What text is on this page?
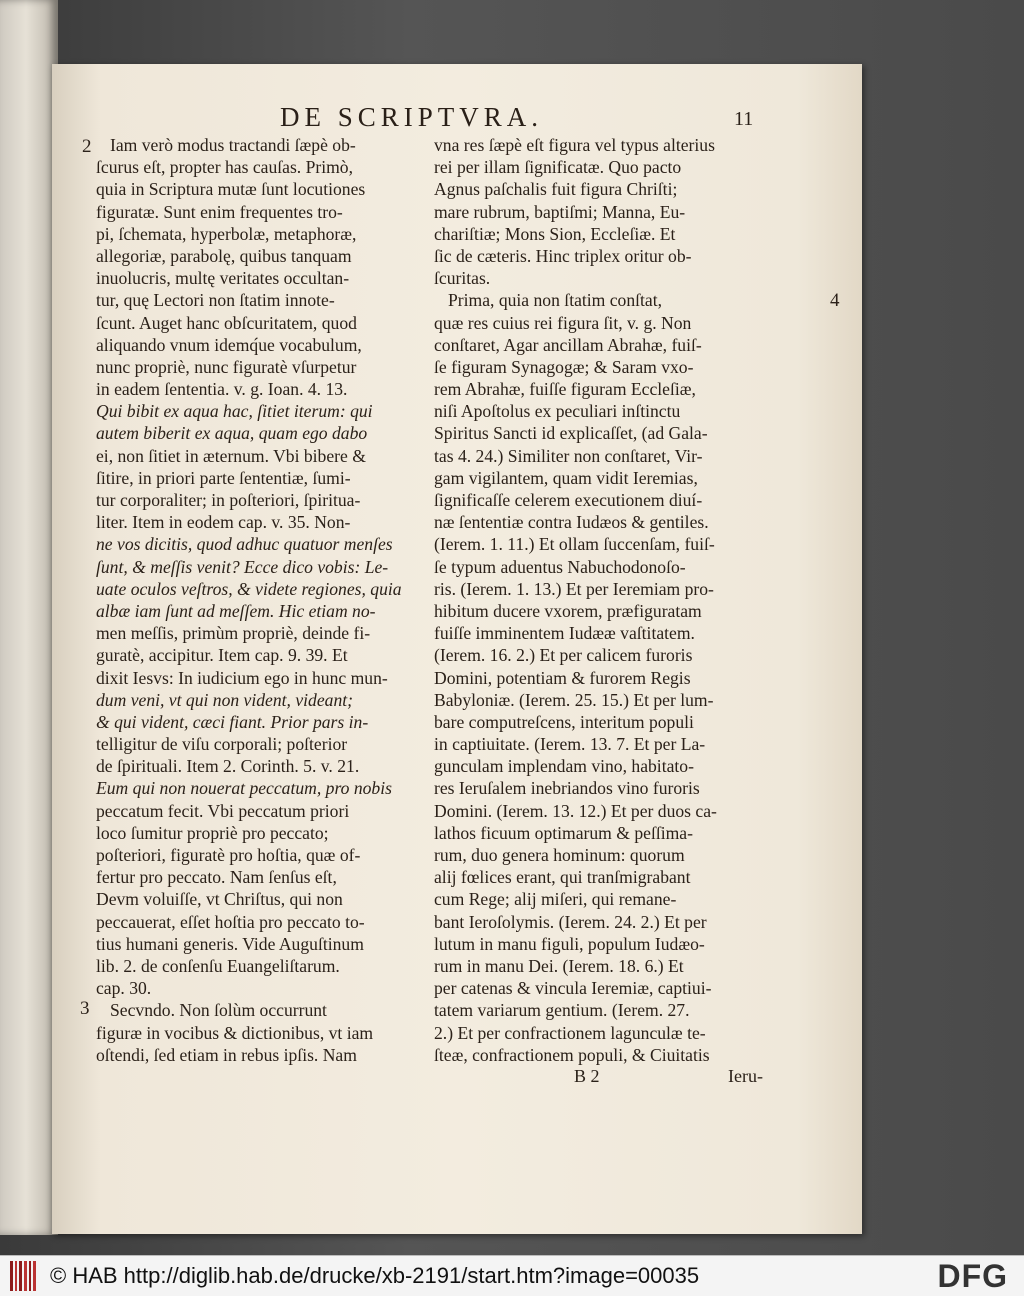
DE SCRIPTVRA.	11
2
3
4
Iam verò modus tractandi ſæpè ob-
ſcurus eſt, propter has cauſas. Primò,
quia in Scriptura mutæ ſunt locutiones
figuratæ. Sunt enim frequentes tro-
pi, ſchemata, hyperbolæ, metaphoræ,
allegoriæ, parabolę, quibus tanquam
inuolucris, multę veritates occultan-
tur, quę Lectori non ſtatim innote-
ſcunt. Auget hanc obſcuritatem, quod
aliquando vnum idemq́ue vocabulum,
nunc propriè, nunc figuratè vſurpetur
in eadem ſententia. v. g. Ioan. 4. 13.
Qui bibit ex aqua hac, ſitiet iterum: qui
autem biberit ex aqua, quam ego dabo
ei, non ſitiet in æternum. Vbi bibere &
ſitire, in priori parte ſententiæ, ſumi-
tur corporaliter; in poſteriori, ſpiritua-
liter. Item in eodem cap. v. 35. Non-
ne vos dicitis, quod adhuc quatuor menſes
ſunt, & meſſis venit? Ecce dico vobis: Le-
uate oculos veſtros, & videte regiones, quia
albæ iam ſunt ad meſſem. Hic etiam no-
men meſſis, primùm propriè, deinde fi-
guratè, accipitur. Item cap. 9. 39. Et
dixit Iesvs: In iudicium ego in hunc mun-
dum veni, vt qui non vident, videant;
& qui vident, cæci fiant. Prior pars in-
telligitur de viſu corporali; poſterior
de ſpirituali. Item 2. Corinth. 5. v. 21.
Eum qui non nouerat peccatum, pro nobis
peccatum fecit. Vbi peccatum priori
loco ſumitur propriè pro peccato;
poſteriori, figuratè pro hoſtia, quæ of-
fertur pro peccato. Nam ſenſus eſt,
Devm voluiſſe, vt Chriſtus, qui non
peccauerat, eſſet hoſtia pro peccato to-
tius humani generis. Vide Auguſtinum
lib. 2. de conſenſu Euangeliſtarum.
cap. 30.
Secvndo. Non ſolùm occurrunt
figuræ in vocibus & dictionibus, vt iam
oſtendi, ſed etiam in rebus ipſis. Nam
vna res ſæpè eſt figura vel typus alterius
rei per illam ſignificatæ. Quo pacto
Agnus paſchalis fuit figura Chriſti;
mare rubrum, baptiſmi; Manna, Eu-
chariſtiæ; Mons Sion, Eccleſiæ. Et
ſic de cæteris. Hinc triplex oritur ob-
ſcuritas.
Prima, quia non ſtatim conſtat,
quæ res cuius rei figura ſit, v. g. Non
conſtaret, Agar ancillam Abrahæ, fuiſ-
ſe figuram Synagogæ; & Saram vxo-
rem Abrahæ, fuiſſe figuram Eccleſiæ,
niſi Apoſtolus ex peculiari inſtinctu
Spiritus Sancti id explicaſſet, (ad Gala-
tas 4. 24.) Similiter non conſtaret, Vir-
gam vigilantem, quam vidit Ieremias,
ſignificaſſe celerem executionem diuí-
næ ſententiæ contra Iudæos & gentiles.
(Ierem. 1. 11.) Et ollam ſuccenſam, fuiſ-
ſe typum aduentus Nabuchodonoſo-
ris. (Ierem. 1. 13.) Et per Ieremiam pro-
hibitum ducere vxorem, præfiguratam
fuiſſe imminentem Iudææ vaſtitatem.
(Ierem. 16. 2.) Et per calicem furoris
Domini, potentiam & furorem Regis
Babyloniæ. (Ierem. 25. 15.) Et per lum-
bare computreſcens, interitum populi
in captiuitate. (Ierem. 13. 7. Et per La-
gunculam implendam vino, habitato-
res Ieruſalem inebriandos vino furoris
Domini. (Ierem. 13. 12.) Et per duos ca-
lathos ficuum optimarum & peſſima-
rum, duo genera hominum: quorum
alij fœlices erant, qui tranſmigrabant
cum Rege; alij miſeri, qui remane-
bant Ieroſolymis. (Ierem. 24. 2.) Et per
lutum in manu figuli, populum Iudæo-
rum in manu Dei. (Ierem. 18. 6.) Et
per catenas & vincula Ieremiæ, captiui-
tatem variarum gentium. (Ierem. 27.
2.) Et per confractionem lagunculæ te-
ſteæ, confractionem populi, & Ciuitatis
B 2	Ieru-
© HAB http://diglib.hab.de/drucke/xb-2191/start.htm?image=00035	DFG
